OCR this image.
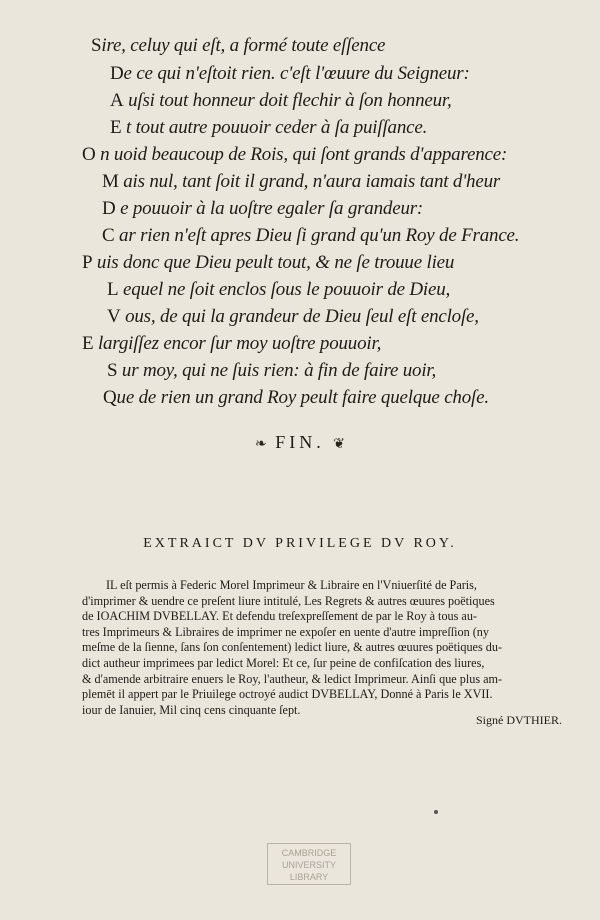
Sire, celuy qui eſt, a formé toute eſſence
De ce qui n'eſtoit rien. c'eſt l'œuure du Seigneur:
A uſsi tout honneur doit flechir à ſon honneur,
E t tout autre pouuoir ceder à ſa puiſſance.
O n uoid beaucoup de Rois, qui ſont grands d'apparence:
M ais nul, tant ſoit il grand, n'aura iamais tant d'heur
D e pouuoir à la uoſtre egaler ſa grandeur:
C ar rien n'eſt apres Dieu ſi grand qu'un Roy de France.
P uis donc que Dieu peult tout, & ne ſe trouue lieu
L equel ne ſoit enclos ſous le pouuoir de Dieu,
V ous, de qui la grandeur de Dieu ſeul eſt encloſe,
E largiſſez encor ſur moy uoſtre pouuoir,
S ur moy, qui ne ſuis rien: à fin de faire uoir,
Que de rien un grand Roy peult faire quelque choſe.
❧ FIN. ❦
EXTRAICT DV PRIVILEGE DV ROY.
IL eſt permis à Federic Morel Imprimeur & Libraire en l'Vniuerſité de Paris,
d'imprimer & uendre ce preſent liure intitulé, Les Regrets & autres œuures poëtiques
de IOACHIM DVBELLAY. Et defendu treſexpreſſement de par le Roy à tous au-
tres Imprimeurs & Libraires de imprimer ne expoſer en uente d'autre impreſſion (ny
meſme de la ſienne, ſans ſon conſentement) ledict liure, & autres œuures poëtiques du-
dict autheur imprimees par ledict Morel: Et ce, ſur peine de confiſcation des liures,
& d'amende arbitraire enuers le Roy, l'autheur, & ledict Imprimeur. Ainſi que plus am-
plemēt il appert par le Priuilege octroyé audict DVBELLAY, Donné à Paris le XVII.
iour de Ianuier, Mil cinq cens cinquante ſept.
Signé DVTHIER.
CAMBRIDGE
UNIVERSITY
LIBRARY
